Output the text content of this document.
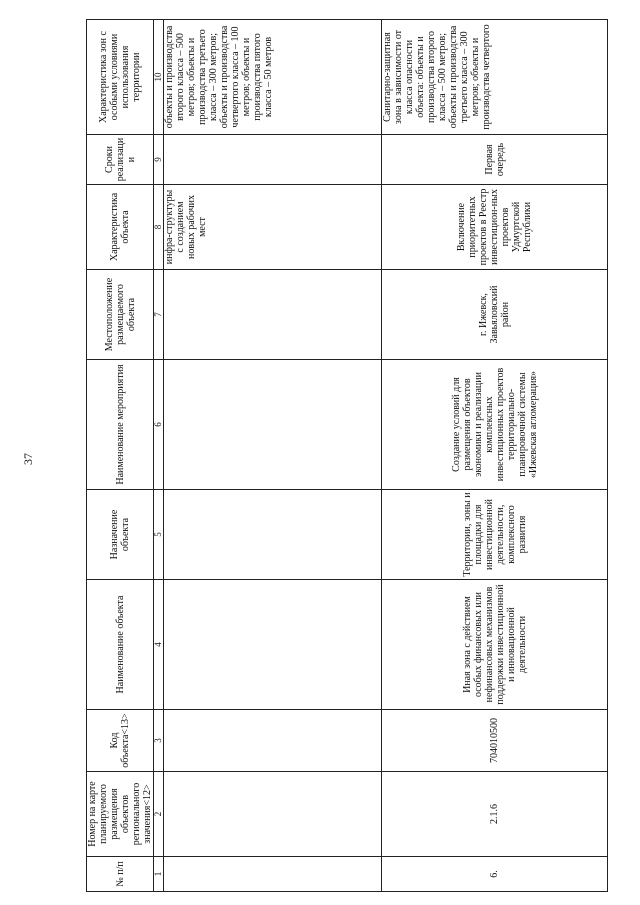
37
№ п/п	Номер на карте планируемого размещения объектов регионального значения<12>	Код объекта<13>	Наименование объекта	Назначение объекта	Наименование мероприятия	Местоположение размещаемого объекта	Характеристика объекта	Сроки реализации	Характеристика зон с особыми условиями использования территории
1	2	3	4	5	6	7	8	9	10
							инфра-структуры с созданием новых рабочих мест		объекты и производства второго класса – 500 метров; объекты и производства третьего класса – 300 метров; объекты и производства четвертого класса – 100 метров; объекты и производства пятого класса – 50 метров
6.	2.1.6	704010500	Иная зона с действием особых финансовых или нефинансовых механизмов поддержки инвестиционной и инновационной деятельности	Территории, зоны и площадки для инвестиционной деятельности, комплексного развития	Создание условий для размещения объектов экономики и реализации комплексных инвестиционных проектов территориально-планировочной системы «Ижевская агломерация»	г. Ижевск, Завьяловский район	Включение приоритетных проектов в Реестр инвестицион-ных проектов Удмуртской Республики	Первая очередь	Санитарно-защитная зона в зависимости от класса опасности объекта: объекты и производства второго класса – 500 метров; объекты и производства третьего класса – 300 метров; объекты и производства четвертого
